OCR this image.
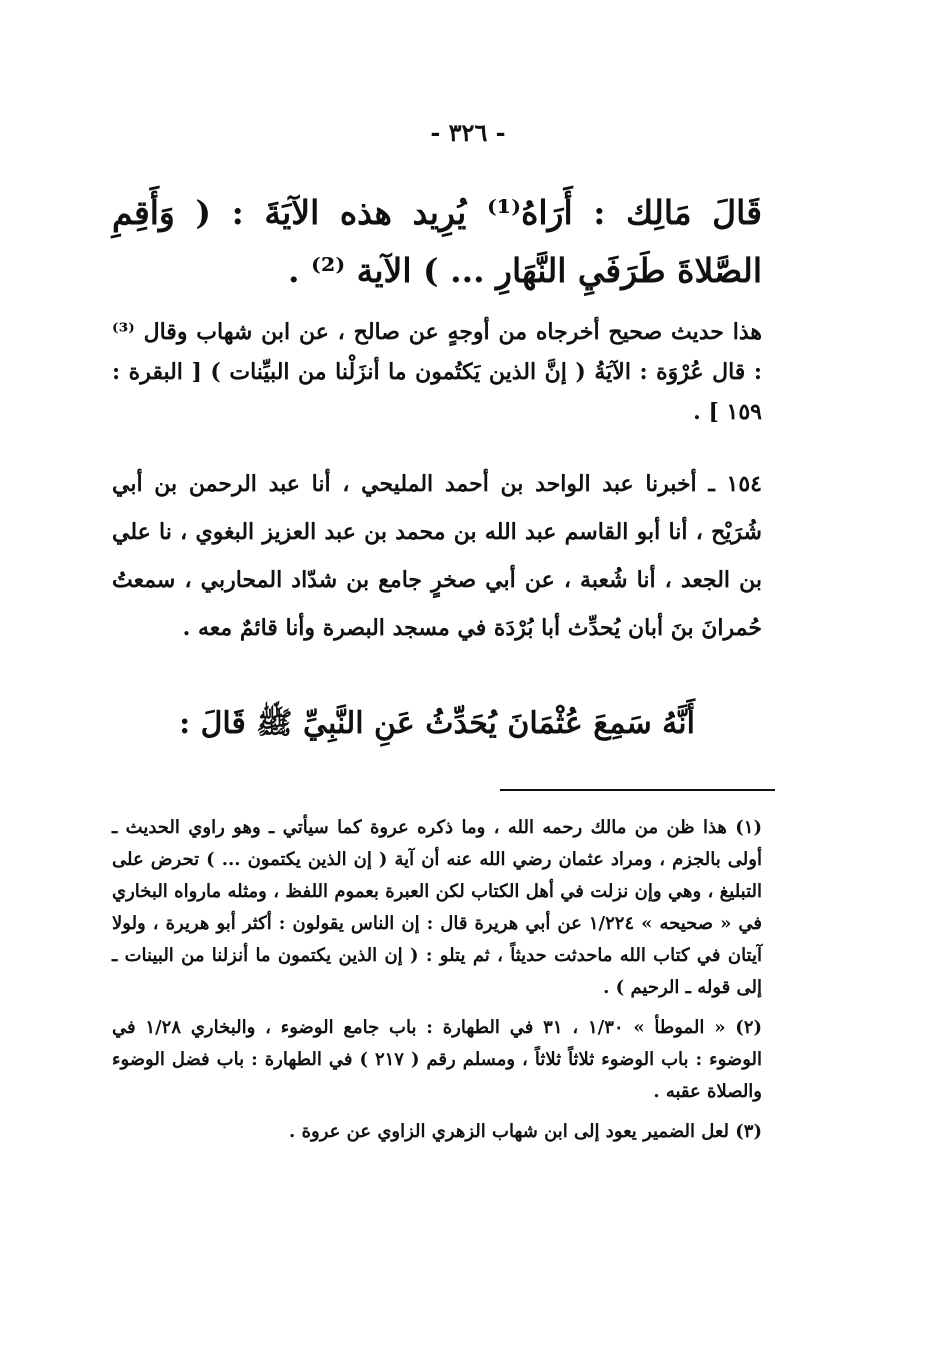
- ٣٢٦ -

قَالَ مَالِك : أَرَاهُ⁽¹⁾ يُرِيد هذه الآيَةَ : ( وَأَقِمِ الصَّلاةَ طَرَفَيِ النَّهَارِ ... ) الآية ⁽²⁾ .

هذا حديث صحيح أخرجاه من أوجهٍ عن صالح ، عن ابن شهاب وقال ⁽³⁾ : قال عُرْوَة : الآيَةُ ( إنَّ الذين يَكتُمون ما أنزَلْنا من البيِّنات ) [ البقرة : ١٥٩ ] .

١٥٤ ـ أخبرنا عبد الواحد بن أحمد المليحي ، أنا عبد الرحمن بن أبي شُرَيْح ، أنا أبو القاسم عبد الله بن محمد بن عبد العزيز البغوي ، نا علي بن الجعد ، أنا شُعبة ، عن أبي صخرٍ جامع بن شدّاد المحاربي ، سمعتُ حُمرانَ بنَ أبان يُحدِّث أبا بُرْدَة في مسجد البصرة وأنا قائمٌ معه .

أَنَّهُ سَمِعَ عُثْمَانَ يُحَدِّثُ عَنِ النَّبِيِّ ﷺ قَالَ :

(١) هذا ظن من مالك رحمه الله ، وما ذكره عروة كما سيأتي ـ وهو راوي الحديث ـ أولى بالجزم ، ومراد عثمان رضي الله عنه أن آية ( إن الذين يكتمون ... ) تحرض على التبليغ ، وهي وإن نزلت في أهل الكتاب لكن العبرة بعموم اللفظ ، ومثله مارواه البخاري في « صحيحه » ١/٢٢٤ عن أبي هريرة قال : إن الناس يقولون : أكثر أبو هريرة ، ولولا آيتان في كتاب الله ماحدثت حديثاً ، ثم يتلو : ( إن الذين يكتمون ما أنزلنا من البينات ـ إلى قوله ـ الرحيم ) .

(٢) « الموطأ » ١/٣٠ ، ٣١ في الطهارة : باب جامع الوضوء ، والبخاري ١/٢٨ في الوضوء : باب الوضوء ثلاثاً ثلاثاً ، ومسلم رقم ( ٢١٧ ) في الطهارة : باب فضل الوضوء والصلاة عقبه .

(٣) لعل الضمير يعود إلى ابن شهاب الزهري الزاوي عن عروة .
